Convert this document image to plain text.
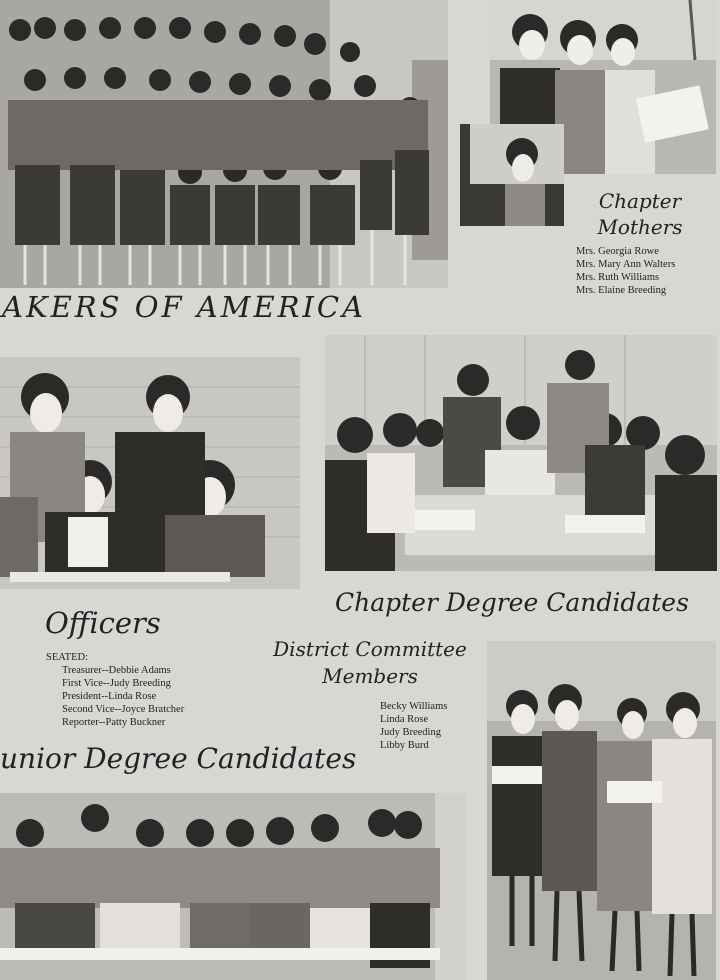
AKERS OF AMERICA
Chapter
Mothers
Mrs. Georgia Rowe
Mrs. Mary Ann Walters
Mrs. Ruth Williams
Mrs. Elaine Breeding
Chapter Degree Candidates
Officers
SEATED:
Treasurer--Debbie Adams
First Vice--Judy Breeding
President--Linda Rose
Second Vice--Joyce Bratcher
Reporter--Patty Buckner
District Committee
Members
Becky Williams
Linda Rose
Judy Breeding
Libby Burd
unior Degree Candidates
